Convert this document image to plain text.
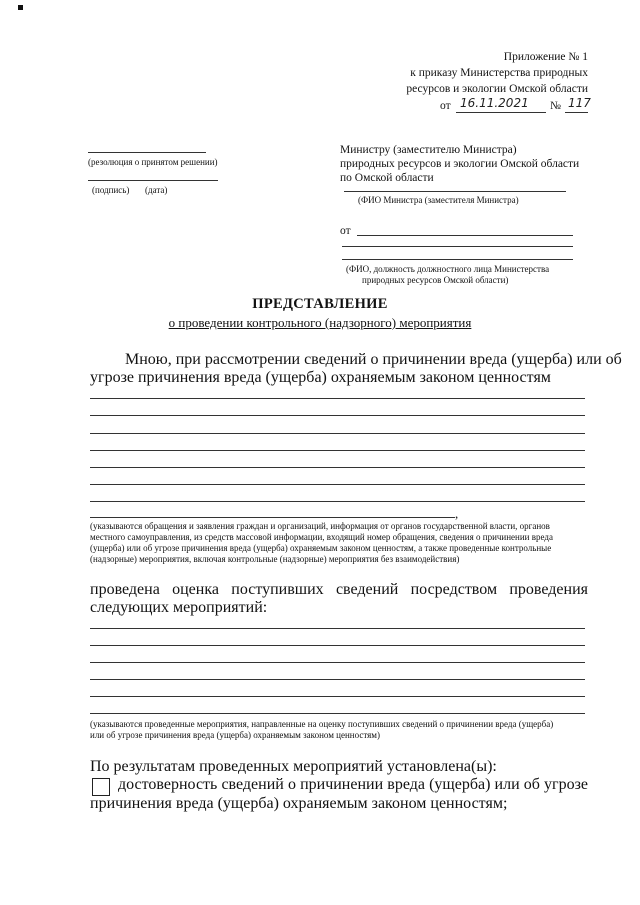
Приложение № 1
к приказу Министерства природных
ресурсов и экологии Омской области
от 16.11.2021 № 117
(резолюция о принятом решении)
(подпись) (дата)
Министру (заместителю Министра)
природных ресурсов и экологии Омской области
по Омской области
(ФИО Министра (заместителя Министра)
от
(ФИО, должность должностного лица Министерства
природных ресурсов Омской области)
ПРЕДСТАВЛЕНИЕ
о проведении контрольного (надзорного) мероприятия
Мною, при рассмотрении сведений о причинении вреда (ущерба) или об
угрозе причинения вреда (ущерба) охраняемым законом ценностям
,
(указываются обращения и заявления граждан и организаций, информация от органов государственной власти, органов
местного самоуправления, из средств массовой информации, входящий номер обращения, сведения о причинении вреда
(ущерба) или об угрозе причинения вреда (ущерба) охраняемым законом ценностям, а также проведенные контрольные
(надзорные) мероприятия, включая контрольные (надзорные) мероприятия без взаимодействия)
проведена оценка поступивших сведений посредством проведения
следующих мероприятий:
(указываются проведенные мероприятия, направленные на оценку поступивших сведений о причинении вреда (ущерба)
или об угрозе причинения вреда (ущерба) охраняемым законом ценностям)
По результатам проведенных мероприятий установлена(ы):
достоверность сведений о причинении вреда (ущерба) или об угрозе
причинения вреда (ущерба) охраняемым законом ценностям;
